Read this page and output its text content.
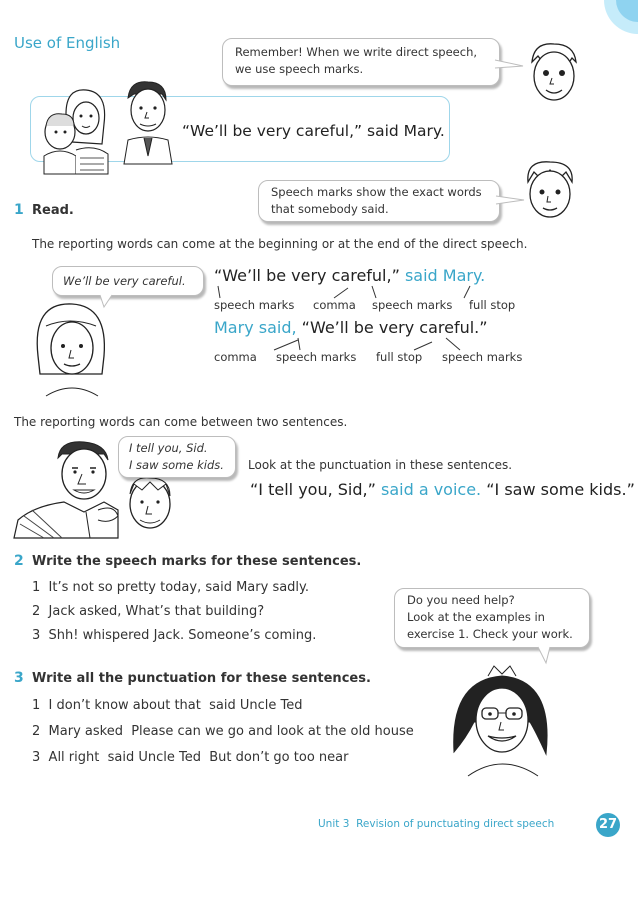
Use of English	Remember! When we write direct speech,
we use speech marks.
“We’ll be very careful,” said Mary.
Speech marks show the exact words
that somebody said.
1 Read.
The reporting words can come at the beginning or at the end of the direct speech.
We’ll be very careful.	“We’ll be very careful,” said Mary.
speech marks comma speech marks full stop
Mary said, “We’ll be very careful.”
comma speech marks full stop speech marks
The reporting words can come between two sentences.
I tell you, Sid.
I saw some kids. Look at the punctuation in these sentences.
“I tell you, Sid,” said a voice. “I saw some kids.”
2 Write the speech marks for these sentences.
1 It’s not so pretty today, said Mary sadly.
2 Jack asked, What’s that building?
3 Shh! whispered Jack. Someone’s coming.
Do you need help?
Look at the examples in
exercise 1. Check your work.
3 Write all the punctuation for these sentences.
1 I don’t know about that  said Uncle Ted
2 Mary asked  Please can we go and look at the old house
3 All right  said Uncle Ted  But don’t go too near
Unit 3 Revision of punctuating direct speech	27
